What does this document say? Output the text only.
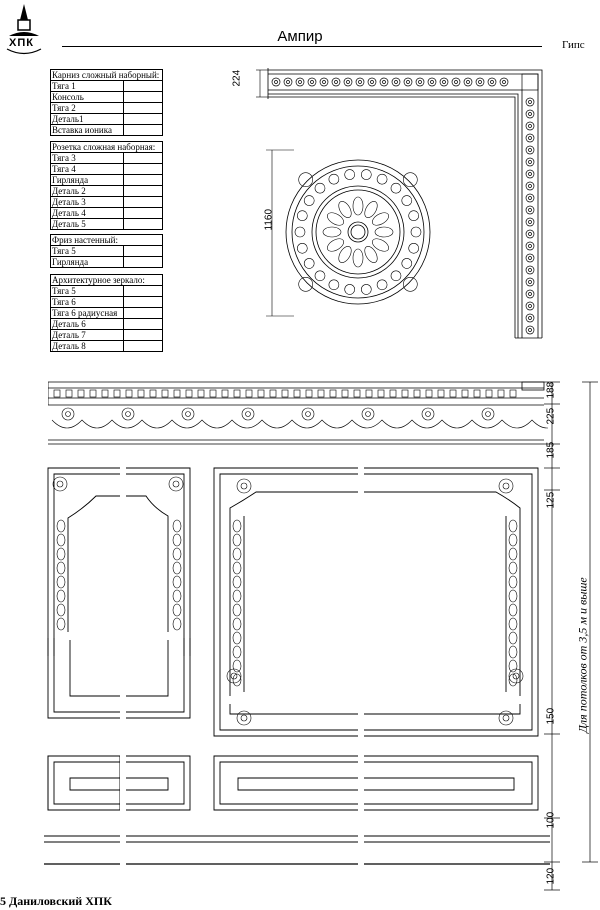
ХПК	Ампир	Гипс
Карниз сложный наборный:	
Тяга 1	
Консоль	
Тяга 2	
Деталь1	
Вставка ионика	
Розетка сложная наборная:	
Тяга 3	
Тяга 4	
Гирлянда	
Деталь 2	
Деталь 3	
Деталь 4	
Деталь 5	
Фриз настенный:	
Тяга 5	
Гирлянда	
Архитектурное зеркало:	
Тяга 5	
Тяга 6	
Тяга 6 радиусная	
Деталь 6	
Деталь 7	
Деталь 8	
224
1160
188
225
185
125
150
100
120
Для потолков от 3,5 м и выше
5 Даниловский ХПК
